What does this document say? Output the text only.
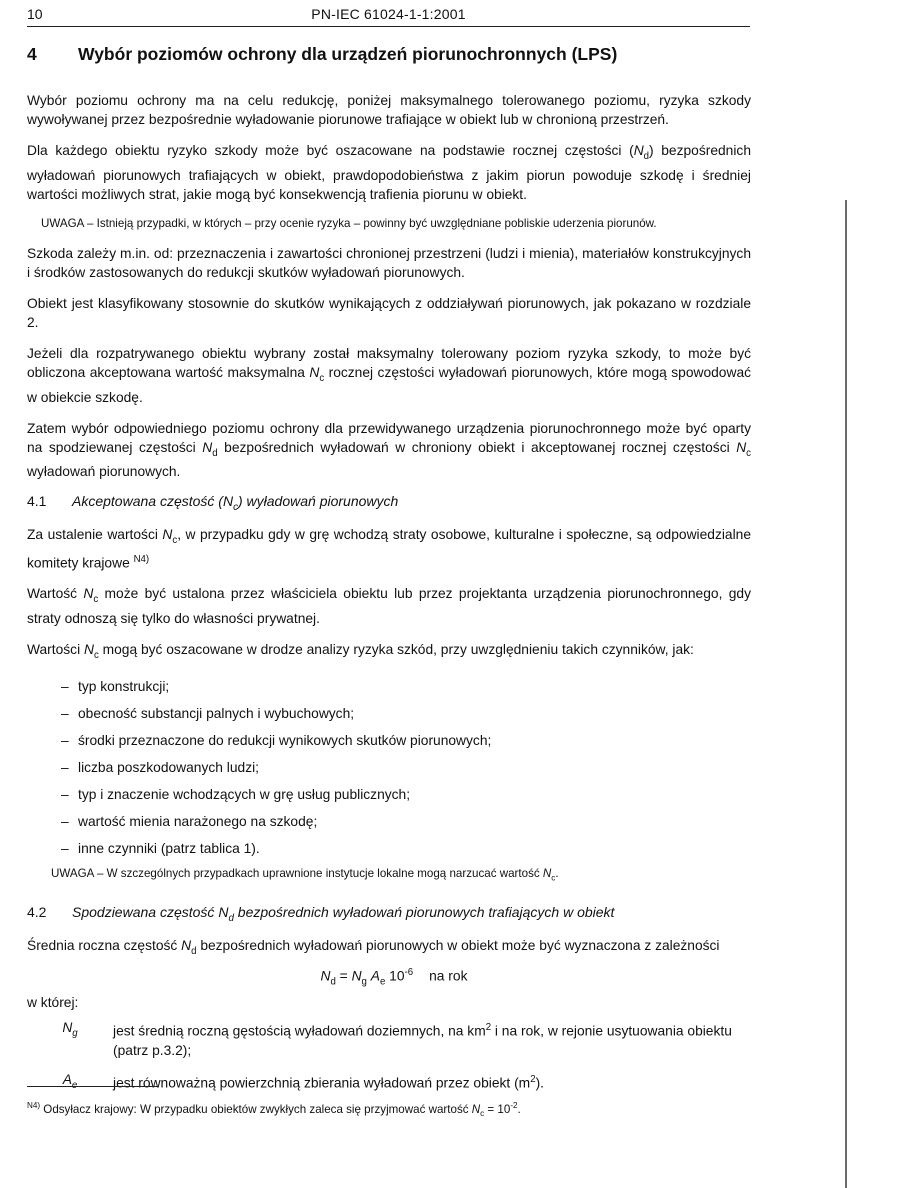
10	PN-IEC 61024-1-1:2001
4	Wybór poziomów ochrony dla urządzeń piorunochronnych (LPS)

Wybór poziomu ochrony ma na celu redukcję, poniżej maksymalnego tolerowanego poziomu, ryzyka szkody wywoływanej przez bezpośrednie wyładowanie piorunowe trafiające w obiekt lub w chronioną przestrzeń.

Dla każdego obiektu ryzyko szkody może być oszacowane na podstawie rocznej częstości $(N_d)$ bezpośrednich wyładowań piorunowych trafiających w obiekt, prawdopodobieństwa z jakim piorun powoduje szkodę i średniej wartości możliwych strat, jakie mogą być konsekwencją trafienia piorunu w obiekt.

UWAGA – Istnieją przypadki, w których – przy ocenie ryzyka – powinny być uwzględniane pobliskie uderzenia piorunów.

Szkoda zależy m.in. od: przeznaczenia i zawartości chronionej przestrzeni (ludzi i mienia), materiałów konstrukcyjnych i środków zastosowanych do redukcji skutków wyładowań piorunowych.

Obiekt jest klasyfikowany stosownie do skutków wynikających z oddziaływań piorunowych, jak pokazano w rozdziale 2.

Jeżeli dla rozpatrywanego obiektu wybrany został maksymalny tolerowany poziom ryzyka szkody, to może być obliczona akceptowana wartość maksymalna $N_c$ rocznej częstości wyładowań piorunowych, które mogą spowodować w obiekcie szkodę.

Zatem wybór odpowiedniego poziomu ochrony dla przewidywanego urządzenia piorunochronnego może być oparty na spodziewanej częstości $N_d$ bezpośrednich wyładowań w chroniony obiekt i akceptowanej rocznej częstości $N_c$ wyładowań piorunowych.

4.1	Akceptowana częstość $(N_c)$ wyładowań piorunowych

Za ustalenie wartości $N_c$, w przypadku gdy w grę wchodzą straty osobowe, kulturalne i społeczne, są odpowiedzialne komitety krajowe $^{N4)}$

Wartość $N_c$ może być ustalona przez właściciela obiektu lub przez projektanta urządzenia piorunochronnego, gdy straty odnoszą się tylko do własności prywatnej.

Wartości $N_c$ mogą być oszacowane w drodze analizy ryzyka szkód, przy uwzględnieniu takich czynników, jak:

– typ konstrukcji;
– obecność substancji palnych i wybuchowych;
– środki przeznaczone do redukcji wynikowych skutków piorunowych;
– liczba poszkodowanych ludzi;
– typ i znaczenie wchodzących w grę usług publicznych;
– wartość mienia narażonego na szkodę;
– inne czynniki (patrz tablica 1).

UWAGA – W szczególnych przypadkach uprawnione instytucje lokalne mogą narzucać wartość $N_c$.

4.2	Spodziewana częstość $N_d$ bezpośrednich wyładowań piorunowych trafiających w obiekt

Średnia roczna częstość $N_d$ bezpośrednich wyładowań piorunowych w obiekt może być wyznaczona z zależności

$N_d = N_g$ $A_e$ $10^{-6}$ na rok

w której:

$N_g$	jest średnią roczną gęstością wyładowań doziemnych, na $km^2$ i na rok, w rejonie usytuowania obiektu (patrz p.3.2);
$A_e$	jest równoważną powierzchnią zbierania wyładowań przez obiekt $(m^2)$.
$^{N4)}$ Odsyłacz krajowy: W przypadku obiektów zwykłych zaleca się przyjmować wartość $N_c = 10^{-2}$.
